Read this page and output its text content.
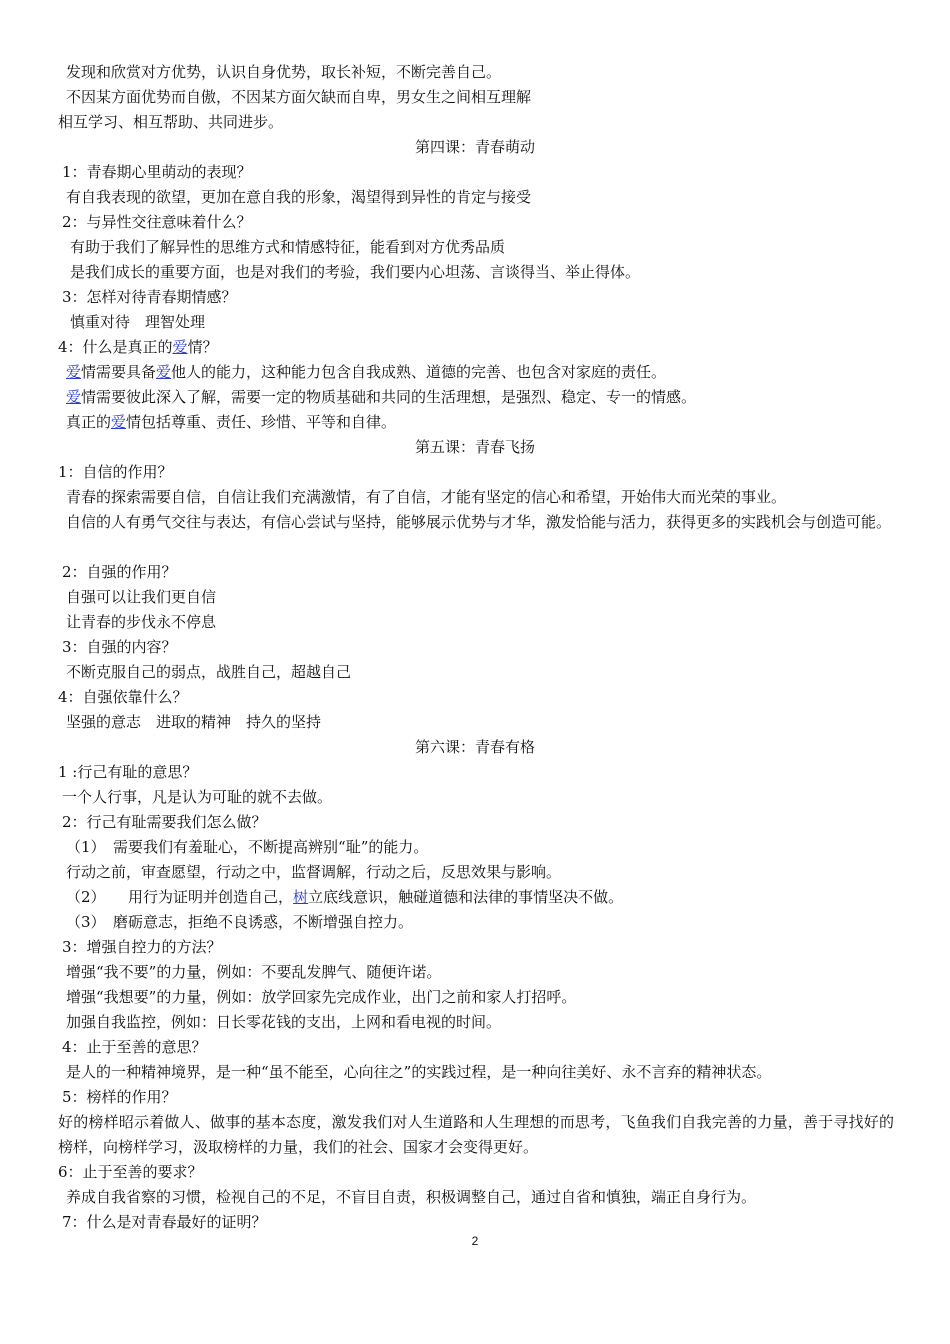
发现和欣赏对方优势，认识自身优势，取长补短，不断完善自己。
不因某方面优势而自傲，不因某方面欠缺而自卑，男女生之间相互理解
相互学习、相互帮助、共同进步。
第四课：青春萌动
1：青春期心里萌动的表现？
有自我表现的欲望，更加在意自我的形象，渴望得到异性的肯定与接受
2：与异性交往意味着什么？
有助于我们了解异性的思维方式和情感特征，能看到对方优秀品质
是我们成长的重要方面，也是对我们的考验，我们要内心坦荡、言谈得当、举止得体。
3：怎样对待青春期情感？
慎重对待　理智处理
4：什么是真正的爱情？
爱情需要具备爱他人的能力，这种能力包含自我成熟、道德的完善、也包含对家庭的责任。
爱情需要彼此深入了解，需要一定的物质基础和共同的生活理想，是强烈、稳定、专一的情感。
真正的爱情包括尊重、责任、珍惜、平等和自律。
第五课：青春飞扬
1：自信的作用？
青春的探索需要自信，自信让我们充满激情，有了自信，才能有坚定的信心和希望，开始伟大而光荣的事业。
自信的人有勇气交往与表达，有信心尝试与坚持，能够展示优势与才华，激发恰能与活力，获得更多的实践机会与创造可能。
2：自强的作用？
自强可以让我们更自信
让青春的步伐永不停息
3：自强的内容？
不断克服自己的弱点，战胜自己，超越自己
4：自强依靠什么？
坚强的意志　进取的精神　持久的坚持
第六课：青春有格
1 :行己有耻的意思？
一个人行事，凡是认为可耻的就不去做。
2：行己有耻需要我们怎么做？
（1）　需要我们有羞耻心，不断提高辨别“耻”的能力。
行动之前，审查愿望，行动之中，监督调解，行动之后，反思效果与影响。
（2）　　用行为证明并创造自己，树立底线意识，触碰道德和法律的事情坚决不做。
（3）　磨砺意志，拒绝不良诱惑，不断增强自控力。
3：增强自控力的方法？
增强“我不要”的力量，例如：不要乱发脾气、随便许诺。
增强“我想要”的力量，例如：放学回家先完成作业，出门之前和家人打招呼。
加强自我监控，例如：日长零花钱的支出，上网和看电视的时间。
4：止于至善的意思？
是人的一种精神境界，是一种“虽不能至，心向往之”的实践过程，是一种向往美好、永不言弃的精神状态。
5：榜样的作用？
好的榜样昭示着做人、做事的基本态度，激发我们对人生道路和人生理想的而思考，飞鱼我们自我完善的力量，善于寻找好的榜样，向榜样学习，汲取榜样的力量，我们的社会、国家才会变得更好。
6：止于至善的要求？
养成自我省察的习惯，检视自己的不足，不盲目自责，积极调整自己，通过自省和慎独，端正自身行为。
7：什么是对青春最好的证明？
2
